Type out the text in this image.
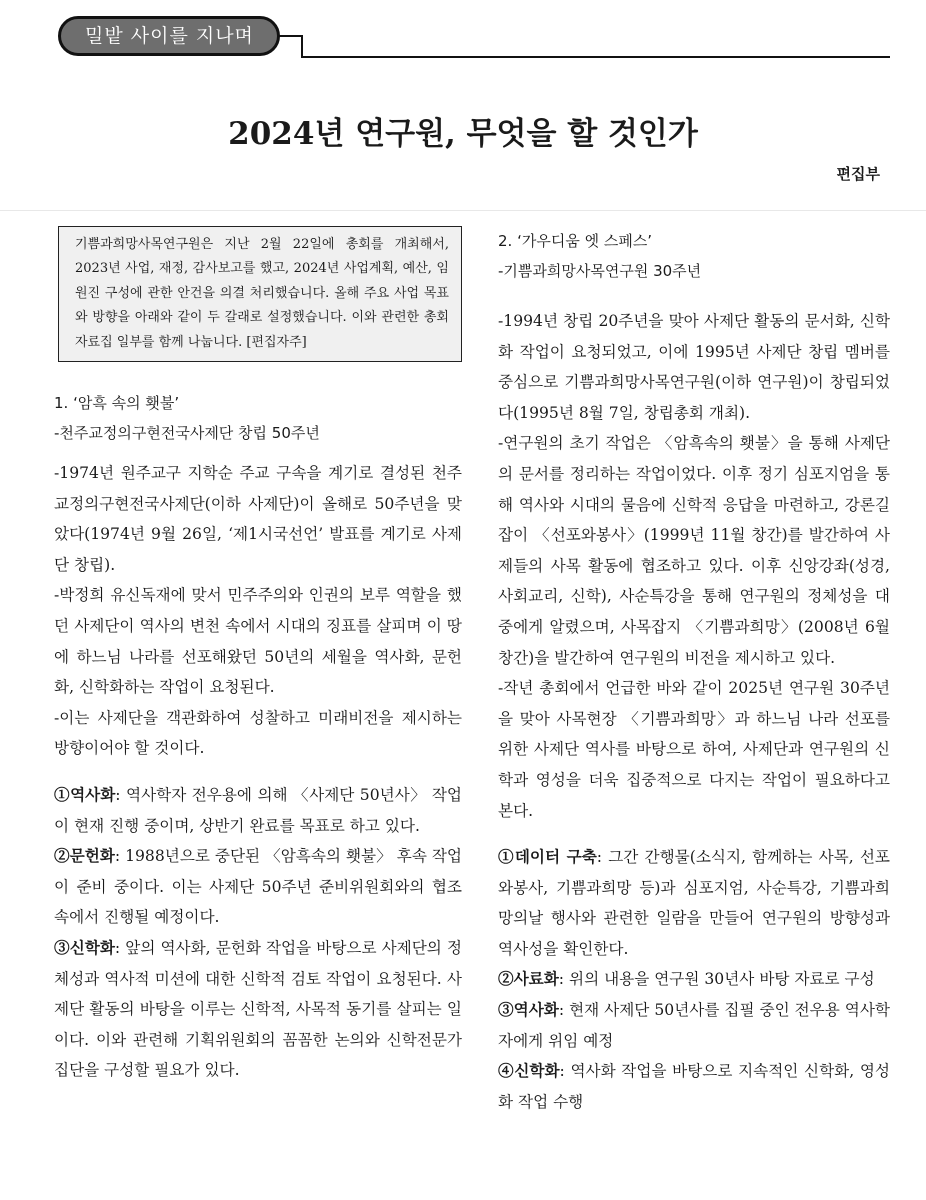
밀밭 사이를 지나며
2024년 연구원, 무엇을 할 것인가
편집부
기쁨과희망사목연구원은 지난 2월 22일에 총회를 개최해서, 2023년 사업, 재정, 감사보고를 했고, 2024년 사업계획, 예산, 임원진 구성에 관한 안건을 의결 처리했습니다. 올해 주요 사업 목표와 방향을 아래와 같이 두 갈래로 설정했습니다. 이와 관련한 총회자료집 일부를 함께 나눕니다. [편집자주]
1. ‘암흑 속의 횃불’
-천주교정의구현전국사제단 창립 50주년

-1974년 원주교구 지학순 주교 구속을 계기로 결성된 천주교정의구현전국사제단(이하 사제단)이 올해로 50주년을 맞았다(1974년 9월 26일, ‘제1시국선언’ 발표를 계기로 사제단 창립).

-박정희 유신독재에 맞서 민주주의와 인권의 보루 역할을 했던 사제단이 역사의 변천 속에서 시대의 징표를 살피며 이 땅에 하느님 나라를 선포해왔던 50년의 세월을 역사화, 문헌화, 신학화하는 작업이 요청된다.

-이는 사제단을 객관화하여 성찰하고 미래비전을 제시하는 방향이어야 할 것이다.

①역사화: 역사학자 전우용에 의해 〈사제단 50년사〉 작업이 현재 진행 중이며, 상반기 완료를 목표로 하고 있다.

②문헌화: 1988년으로 중단된 〈암흑속의 횃불〉 후속 작업이 준비 중이다. 이는 사제단 50주년 준비위원회와의 협조 속에서 진행될 예정이다.

③신학화: 앞의 역사화, 문헌화 작업을 바탕으로 사제단의 정체성과 역사적 미션에 대한 신학적 검토 작업이 요청된다. 사제단 활동의 바탕을 이루는 신학적, 사목적 동기를 살피는 일이다. 이와 관련해 기획위원회의 꼼꼼한 논의와 신학전문가 집단을 구성할 필요가 있다.

2. ‘가우디움 엣 스페스’
-기쁨과희망사목연구원 30주년

-1994년 창립 20주년을 맞아 사제단 활동의 문서화, 신학화 작업이 요청되었고, 이에 1995년 사제단 창립 멤버를 중심으로 기쁨과희망사목연구원(이하 연구원)이 창립되었다(1995년 8월 7일, 창립총회 개최).

-연구원의 초기 작업은 〈암흑속의 횃불〉을 통해 사제단의 문서를 정리하는 작업이었다. 이후 정기 심포지엄을 통해 역사와 시대의 물음에 신학적 응답을 마련하고, 강론길잡이 〈선포와봉사〉(1999년 11월 창간)를 발간하여 사제들의 사목 활동에 협조하고 있다. 이후 신앙강좌(성경, 사회교리, 신학), 사순특강을 통해 연구원의 정체성을 대중에게 알렸으며, 사목잡지 〈기쁨과희망〉(2008년 6월 창간)을 발간하여 연구원의 비전을 제시하고 있다.

-작년 총회에서 언급한 바와 같이 2025년 연구원 30주년을 맞아 사목현장 〈기쁨과희망〉과 하느님 나라 선포를 위한 사제단 역사를 바탕으로 하여, 사제단과 연구원의 신학과 영성을 더욱 집중적으로 다지는 작업이 필요하다고 본다.

①데이터 구축: 그간 간행물(소식지, 함께하는 사목, 선포와봉사, 기쁨과희망 등)과 심포지엄, 사순특강, 기쁨과희망의날 행사와 관련한 일람을 만들어 연구원의 방향성과 역사성을 확인한다.

②사료화: 위의 내용을 연구원 30년사 바탕 자료로 구성

③역사화: 현재 사제단 50년사를 집필 중인 전우용 역사학자에게 위임 예정

④신학화: 역사화 작업을 바탕으로 지속적인 신학화, 영성화 작업 수행
